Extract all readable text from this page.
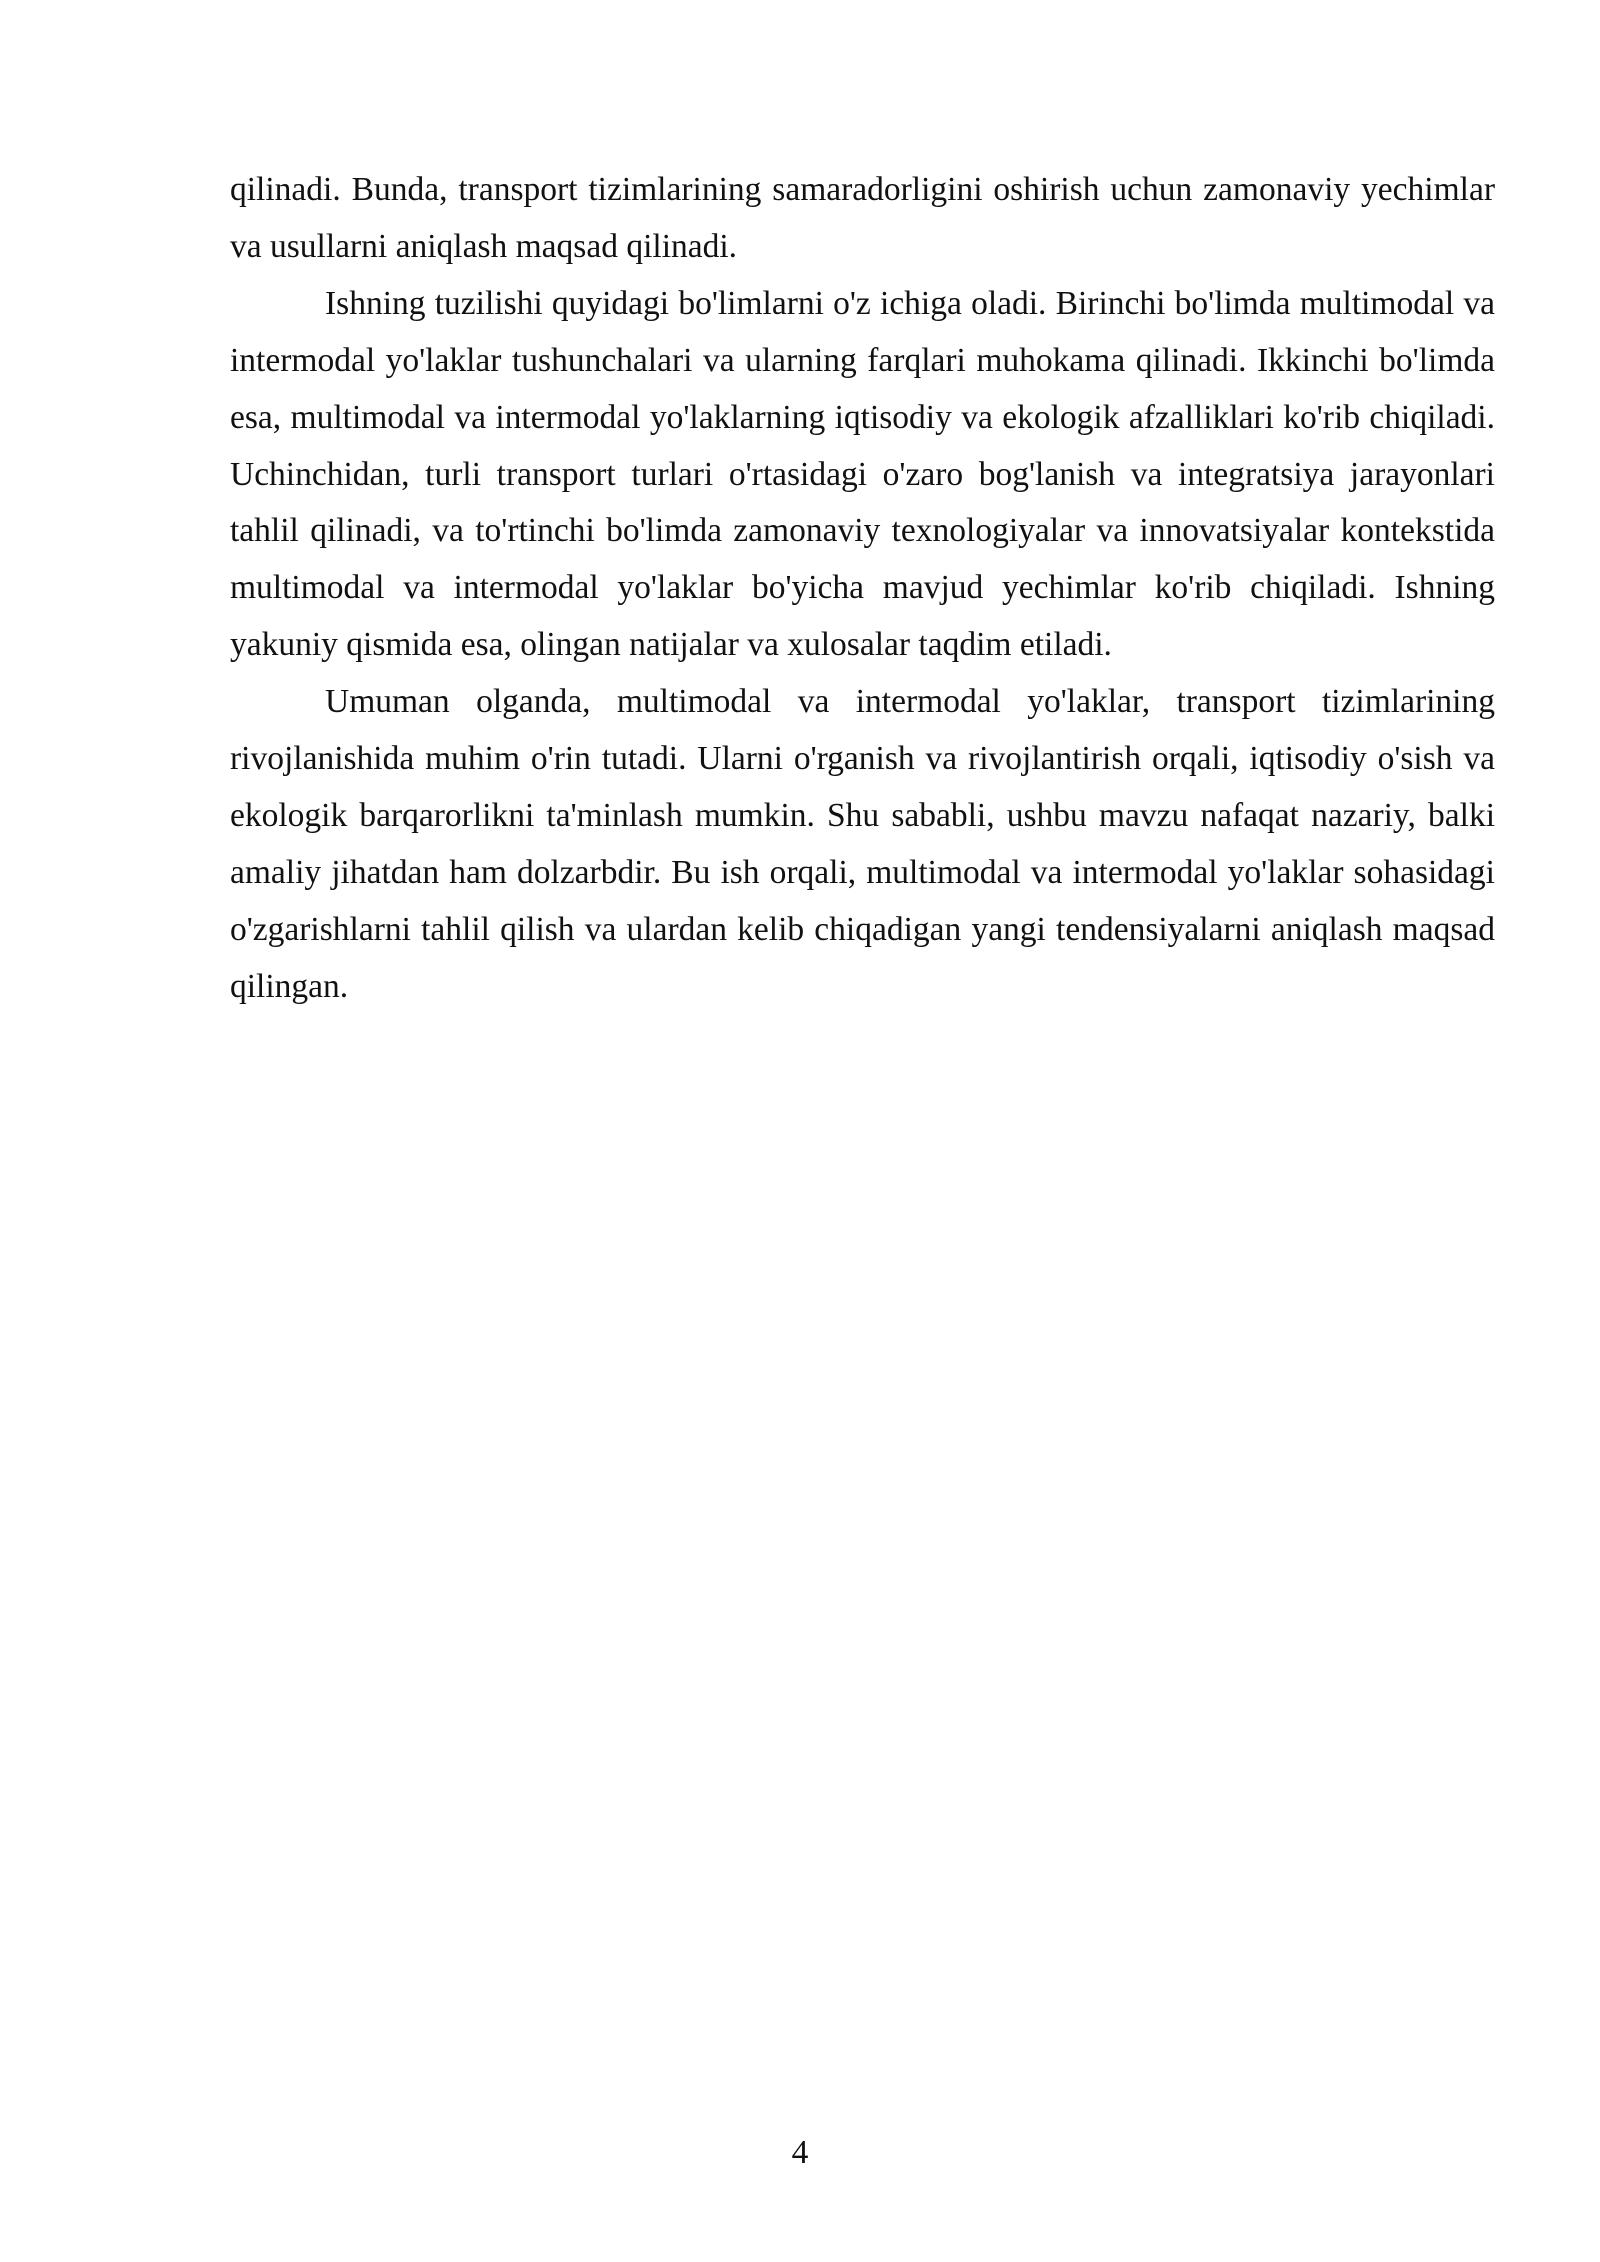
qilinadi. Bunda, transport tizimlarining samaradorligini oshirish uchun zamonaviy yechimlar va usullarni aniqlash maqsad qilinadi.

Ishning tuzilishi quyidagi bo'limlarni o'z ichiga oladi. Birinchi bo'limda multimodal va intermodal yo'laklar tushunchalari va ularning farqlari muhokama qilinadi. Ikkinchi bo'limda esa, multimodal va intermodal yo'laklarning iqtisodiy va ekologik afzalliklari ko'rib chiqiladi. Uchinchidan, turli transport turlari o'rtasidagi o'zaro bog'lanish va integratsiya jarayonlari tahlil qilinadi, va to'rtinchi bo'limda zamonaviy texnologiyalar va innovatsiyalar kontekstida multimodal va intermodal yo'laklar bo'yicha mavjud yechimlar ko'rib chiqiladi. Ishning yakuniy qismida esa, olingan natijalar va xulosalar taqdim etiladi.

Umuman olganda, multimodal va intermodal yo'laklar, transport tizimlarining rivojlanishida muhim o'rin tutadi. Ularni o'rganish va rivojlantirish orqali, iqtisodiy o'sish va ekologik barqarorlikni ta'minlash mumkin. Shu sababli, ushbu mavzu nafaqat nazariy, balki amaliy jihatdan ham dolzarbdir. Bu ish orqali, multimodal va intermodal yo'laklar sohasidagi o'zgarishlarni tahlil qilish va ulardan kelib chiqadigan yangi tendensiyalarni aniqlash maqsad qilingan.

4
